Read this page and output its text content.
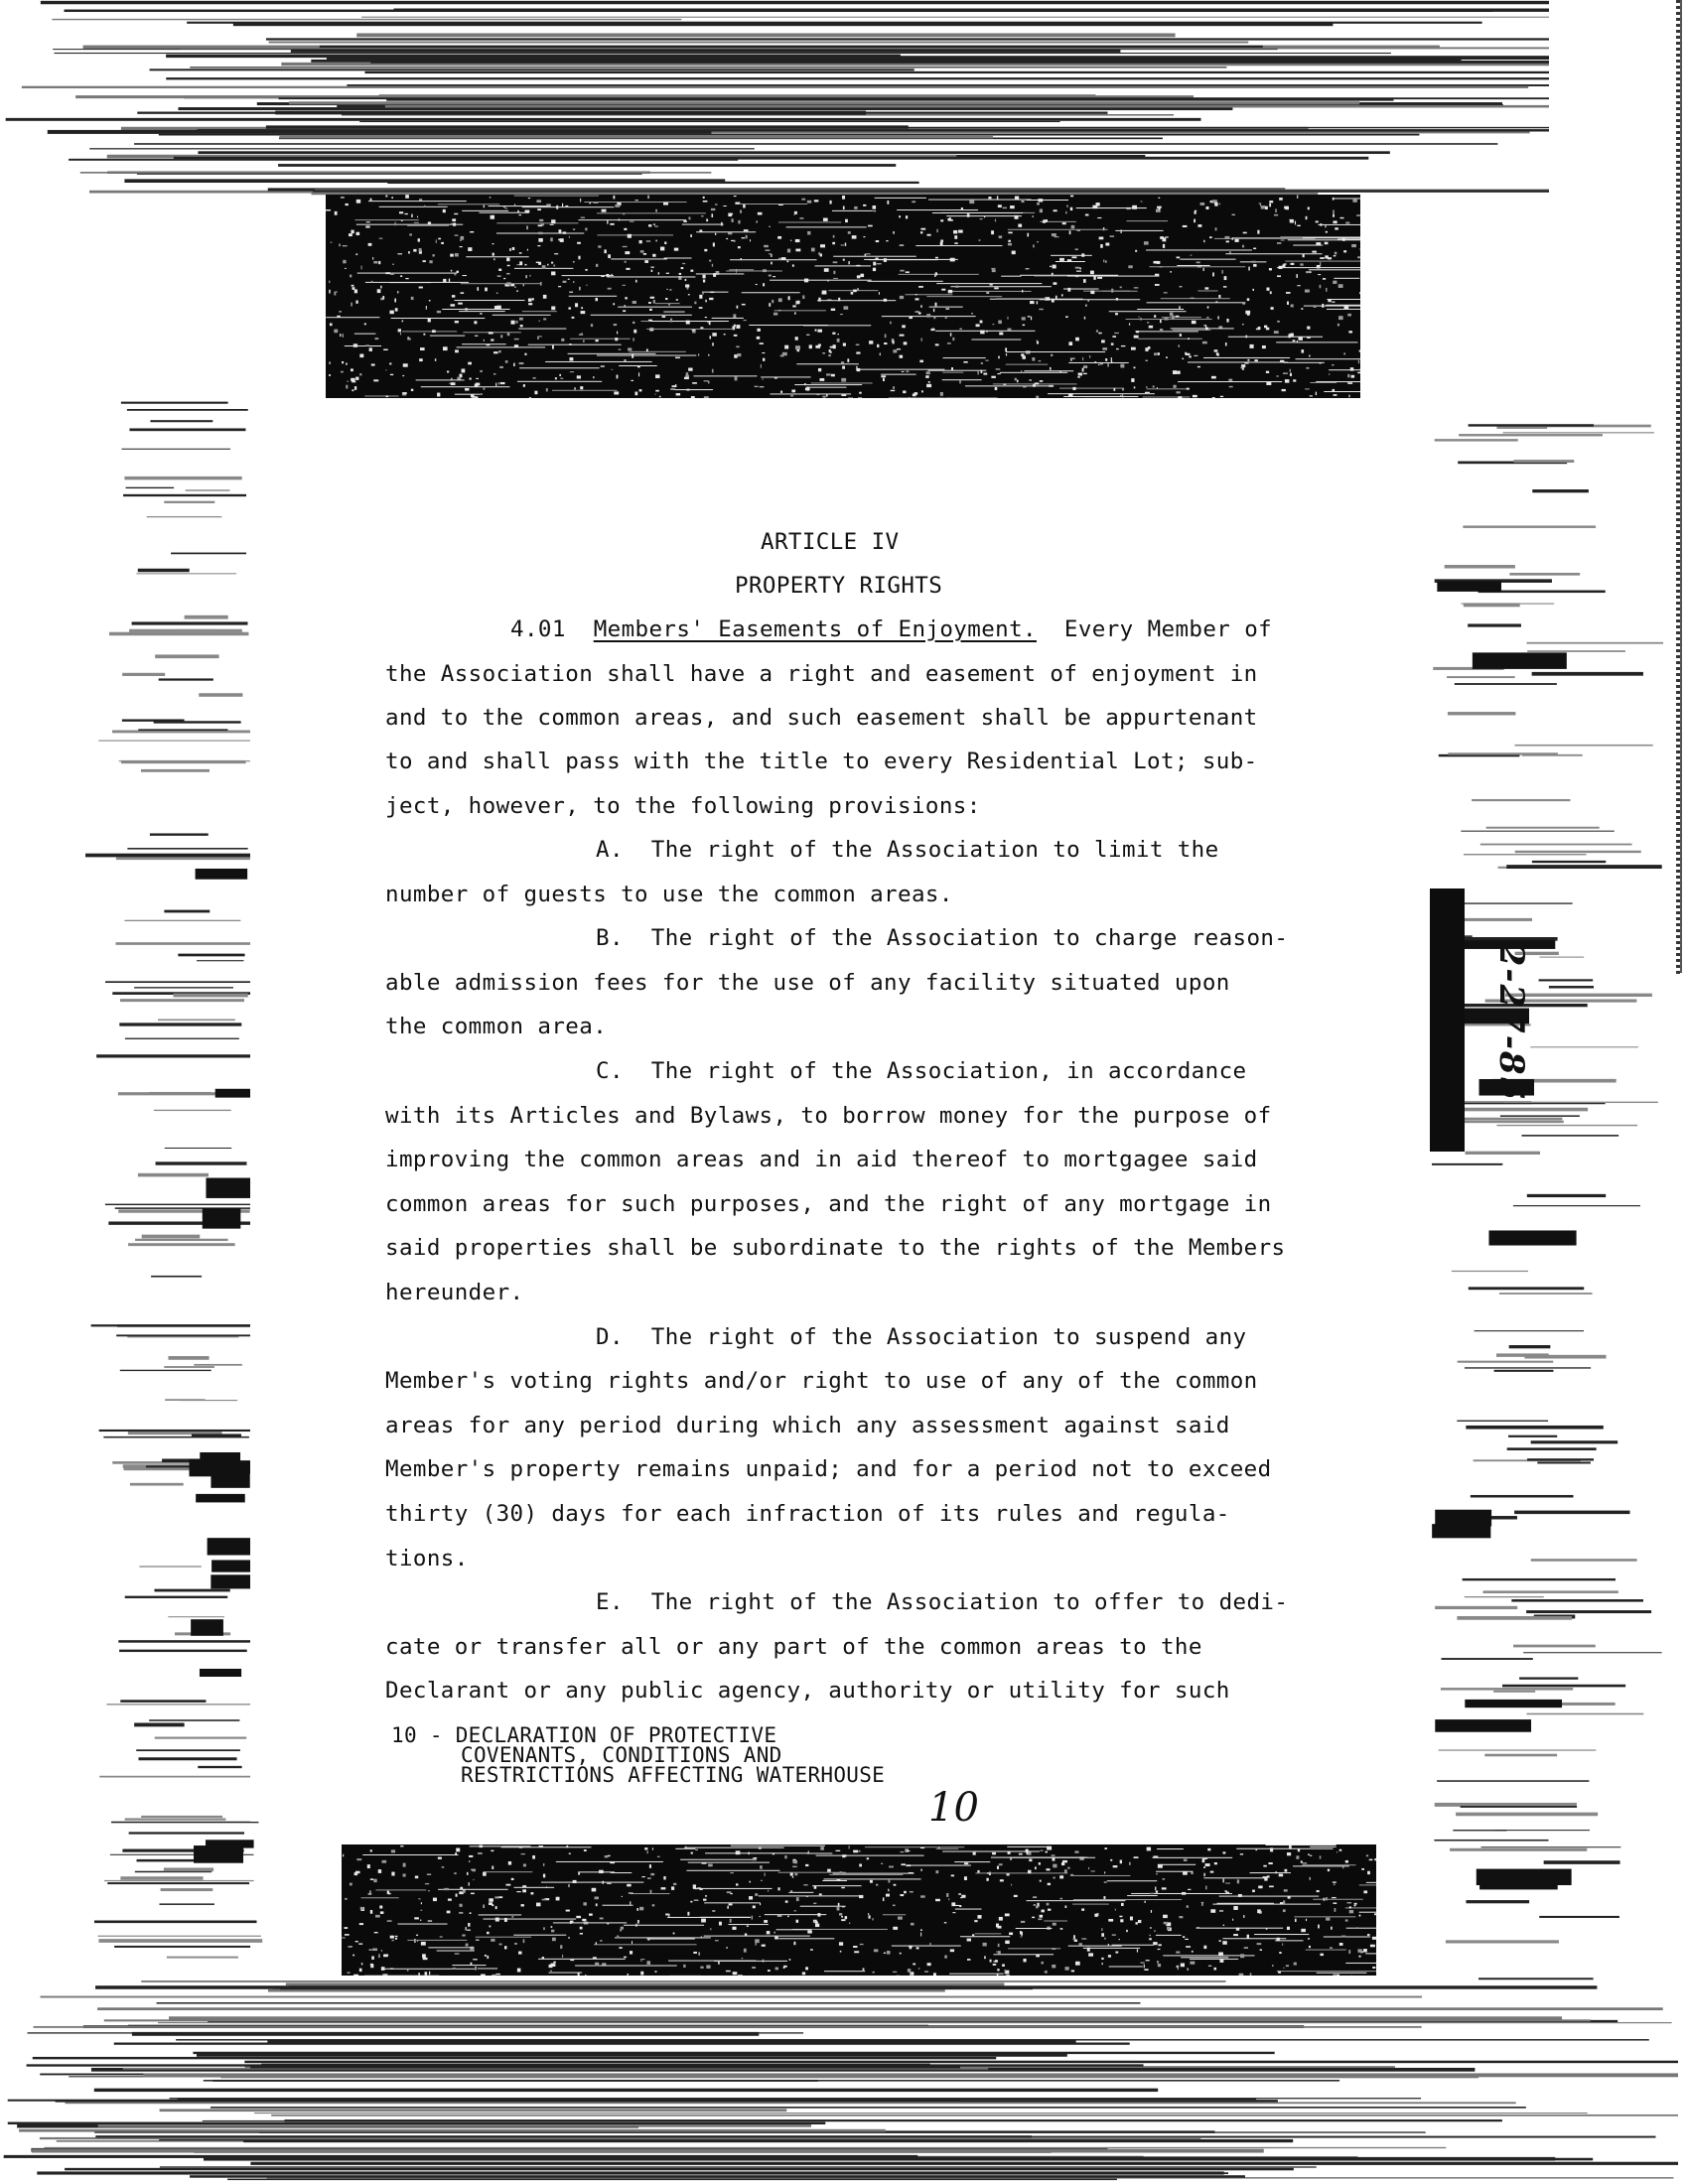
ARTICLE IV
PROPERTY RIGHTS
4.01 Members' Easements of Enjoyment. Every Member of
the Association shall have a right and easement of enjoyment in
and to the common areas, and such easement shall be appurtenant
to and shall pass with the title to every Residential Lot; sub-
ject, however, to the following provisions:
A.  The right of the Association to limit the
number of guests to use the common areas.
B.  The right of the Association to charge reason-
able admission fees for the use of any facility situated upon
the common area.
C.  The right of the Association, in accordance
with its Articles and Bylaws, to borrow money for the purpose of
improving the common areas and in aid thereof to mortgagee said
common areas for such purposes, and the right of any mortgage in
said properties shall be subordinate to the rights of the Members
hereunder.
D.  The right of the Association to suspend any
Member's voting rights and/or right to use of any of the common
areas for any period during which any assessment against said
Member's property remains unpaid; and for a period not to exceed
thirty (30) days for each infraction of its rules and regula-
tions.
E.  The right of the Association to offer to dedi-
cate or transfer all or any part of the common areas to the
Declarant or any public agency, authority or utility for such
10 - DECLARATION OF PROTECTIVE
COVENANTS, CONDITIONS AND
RESTRICTIONS AFFECTING WATERHOUSE
10
2-27-85
